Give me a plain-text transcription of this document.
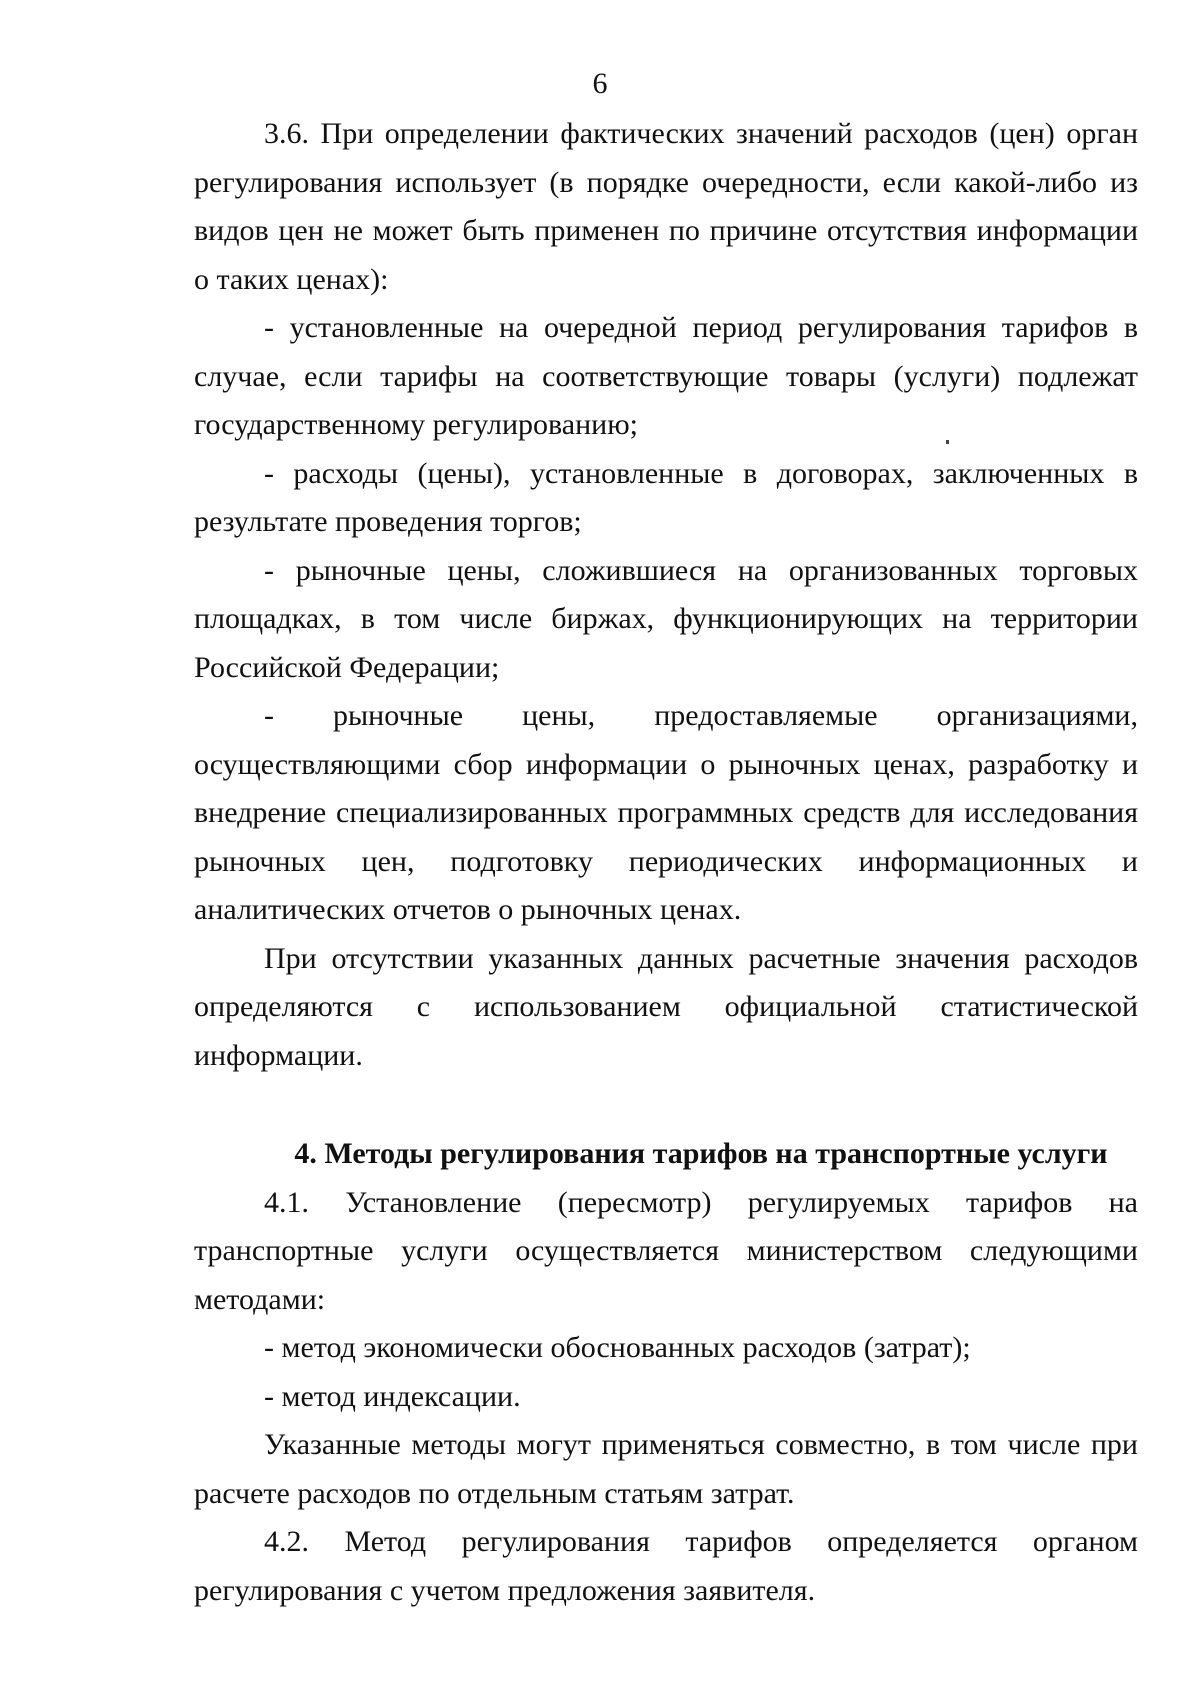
6

3.6. При определении фактических значений расходов (цен) орган регулирования использует (в порядке очередности, если какой-либо из видов цен не может быть применен по причине отсутствия информации о таких ценах):

- установленные на очередной период регулирования тарифов в случае, если тарифы на соответствующие товары (услуги) подлежат государственному регулированию;

- расходы (цены), установленные в договорах, заключенных в результате проведения торгов;

- рыночные цены, сложившиеся на организованных торговых площадках, в том числе биржах, функционирующих на территории Российской Федерации;

- рыночные цены, предоставляемые организациями, осуществляющими сбор информации о рыночных ценах, разработку и внедрение специализированных программных средств для исследования рыночных цен, подготовку периодических информационных и аналитических отчетов о рыночных ценах.

При отсутствии указанных данных расчетные значения расходов определяются с использованием официальной статистической информации.

4. Методы регулирования тарифов на транспортные услуги

4.1. Установление (пересмотр) регулируемых тарифов на транспортные услуги осуществляется министерством следующими методами:

- метод экономически обоснованных расходов (затрат);

- метод индексации.

Указанные методы могут применяться совместно, в том числе при расчете расходов по отдельным статьям затрат.

4.2. Метод регулирования тарифов определяется органом регулирования с учетом предложения заявителя.
